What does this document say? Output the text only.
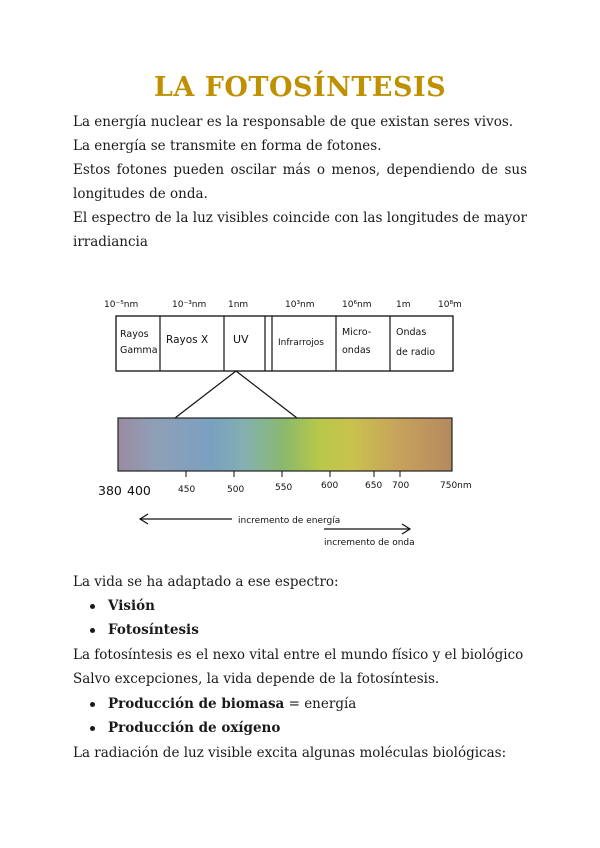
LA FOTOSÍNTESIS

La energía nuclear es la responsable de que existan seres vivos.

La energía se transmite en forma de fotones.

Estos fotones pueden oscilar más o menos, dependiendo de sus longitudes de onda.

El espectro de la luz visibles coincide con las longitudes de mayor irradiancia

10⁻⁵nm	10⁻³nm 1nm	10³nm	10⁶nm	1m	10⁸m
Rayos
Gamma
Rayos X UV	Infrarrojos
Micro-
ondas
Ondas
de radio
380 400	450	500	550	600	650 700	750nm
incremento de energía
incremento de onda

La vida se ha adaptado a ese espectro:

Visión
Fotosíntesis

La fotosíntesis es el nexo vital entre el mundo físico y el biológico

Salvo excepciones, la vida depende de la fotosíntesis.

Producción de biomasa = energía
Producción de oxígeno

La radiación de luz visible excita algunas moléculas biológicas:
